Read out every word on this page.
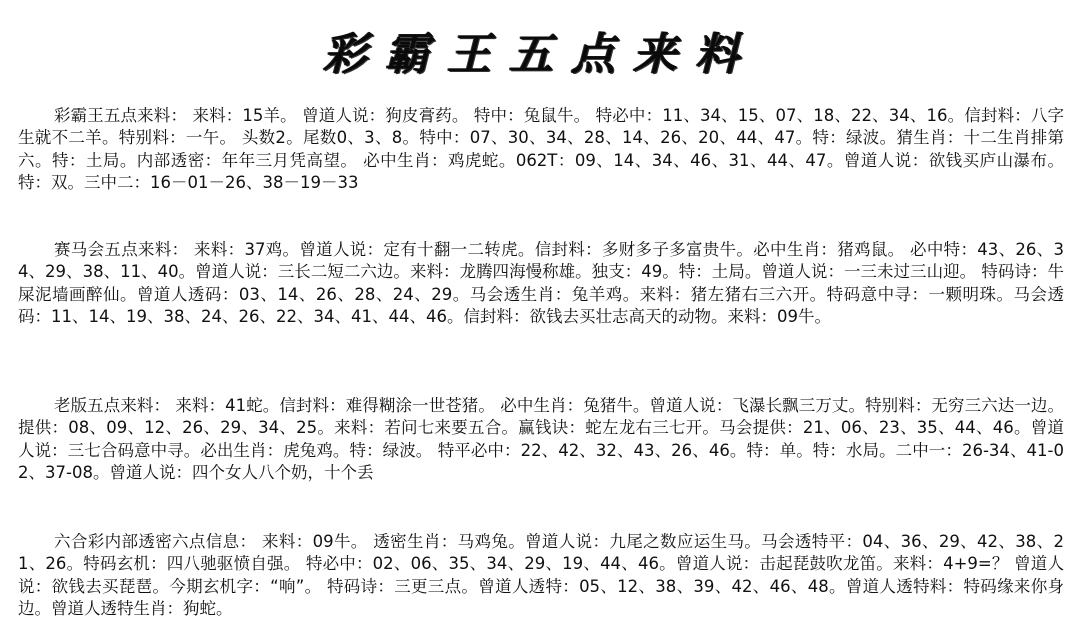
彩霸王五点来料

彩霸王五点来料： 来料：15羊。 曾道人说：狗皮膏药。 特中：兔鼠牛。 特必中：11、34、15、07、18、22、34、16。信封料：八字生就不二羊。特别料：一午。 头数2。尾数0、3、8。特中：07、30、34、28、14、26、20、44、47。特：绿波。猜生肖：十二生肖排第六。特：土局。内部透密：年年三月凭高望。 必中生肖：鸡虎蛇。062T：09、14、34、46、31、44、47。曾道人说：欲钱买庐山瀑布。特：双。三中二：16－01－26、38－19－33

赛马会五点来料： 来料：37鸡。曾道人说：定有十翻一二转虎。信封料：多财多子多富贵牛。必中生肖：猪鸡鼠。 必中特：43、26、34、29、38、11、40。曾道人说：三长二短二六边。来料：龙腾四海慢称雄。独支：49。特：土局。曾道人说：一三未过三山迎。 特码诗：牛屎泥墙画醉仙。曾道人透码：03、14、26、28、24、29。马会透生肖：兔羊鸡。来料：猪左猪右三六开。特码意中寻：一颗明珠。马会透码：11、14、19、38、24、26、22、34、41、44、46。信封料：欲钱去买壮志高天的动物。来料：09牛。

老版五点来料： 来料：41蛇。信封料：难得糊涂一世苍猪。 必中生肖：兔猪牛。曾道人说：飞瀑长飘三万丈。特别料：无穷三六达一边。提供：08、09、12、26、29、34、25。来料：若问七来要五合。赢钱诀：蛇左龙右三七开。马会提供：21、06、23、35、44、46。曾道人说：三七合码意中寻。必出生肖：虎兔鸡。特：绿波。 特平必中：22、42、32、43、26、46。特：单。特：水局。二中一：26-34、41-02、37-08。曾道人说：四个女人八个奶，十个丢

六合彩内部透密六点信息： 来料：09牛。 透密生肖：马鸡兔。曾道人说：九尾之数应运生马。马会透特平：04、36、29、42、38、21、26。特码玄机：四八驰驱愤自强。 特必中：02、06、35、34、29、19、44、46。曾道人说：击起琵鼓吹龙笛。来料：4+9=？ 曾道人说：欲钱去买琵琶。今期玄机字：“响”。 特码诗：三更三点。曾道人透特：05、12、38、39、42、46、48。曾道人透特料：特码缘来你身边。曾道人透特生肖：狗蛇。
